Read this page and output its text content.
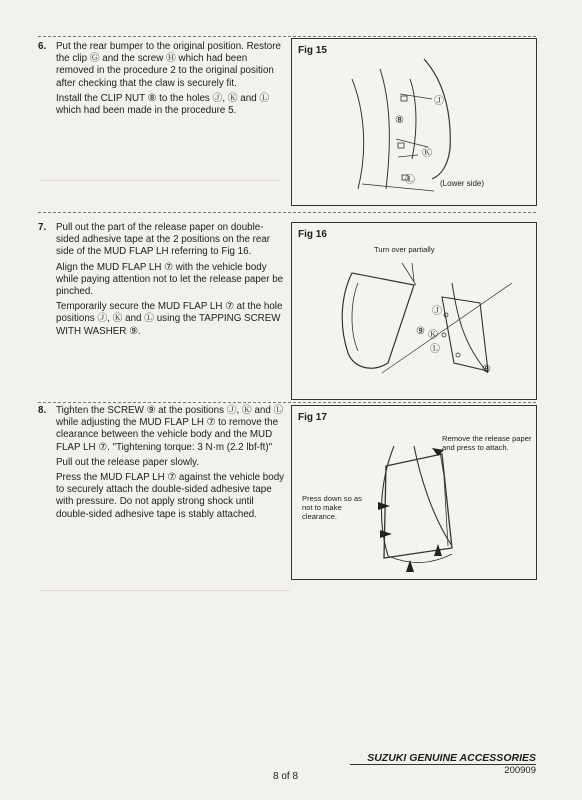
6. Put the rear bumper to the original position. Restore the clip Ⓖ and the screw Ⓗ which had been removed in the procedure 2 to the original position after checking that the claw is securely fit.

Install the CLIP NUT ⑧ to the holes Ⓙ, Ⓚ and Ⓛ which had been made in the procedure 5.

7. Pull out the part of the release paper on double-sided adhesive tape at the 2 positions on the rear side of the MUD FLAP LH referring to Fig 16.

Align the MUD FLAP LH ⑦ with the vehicle body while paying attention not to let the release paper be pinched.

Temporarily secure the MUD FLAP LH ⑦ at the hole positions Ⓙ, Ⓚ and Ⓛ using the TAPPING SCREW WITH WASHER ⑨.

8. Tighten the SCREW ⑨ at the positions Ⓙ, Ⓚ and Ⓛ while adjusting the MUD FLAP LH ⑦ to remove the clearance between the vehicle body and the MUD FLAP LH ⑦. "Tightening torque: 3 N·m (2.2 lbf-ft)"

Pull out the release paper slowly.

Press the MUD FLAP LH ⑦ against the vehicle body to securely attach the double-sided adhesive tape with pressure. Do not apply strong shock until double-sided adhesive tape is stably attached.

Fig 15
Ⓙ
⑧
Ⓚ
Ⓛ	(Lower side)
Fig 16
Turn over partially
Ⓙ
Ⓚ
Ⓛ
⑨
⑨
Fig 17
Remove the release paper and press to attach.
Press down so as not to make clearance.
SUZUKI GENUINE ACCESSORIES
200909
8 of 8
